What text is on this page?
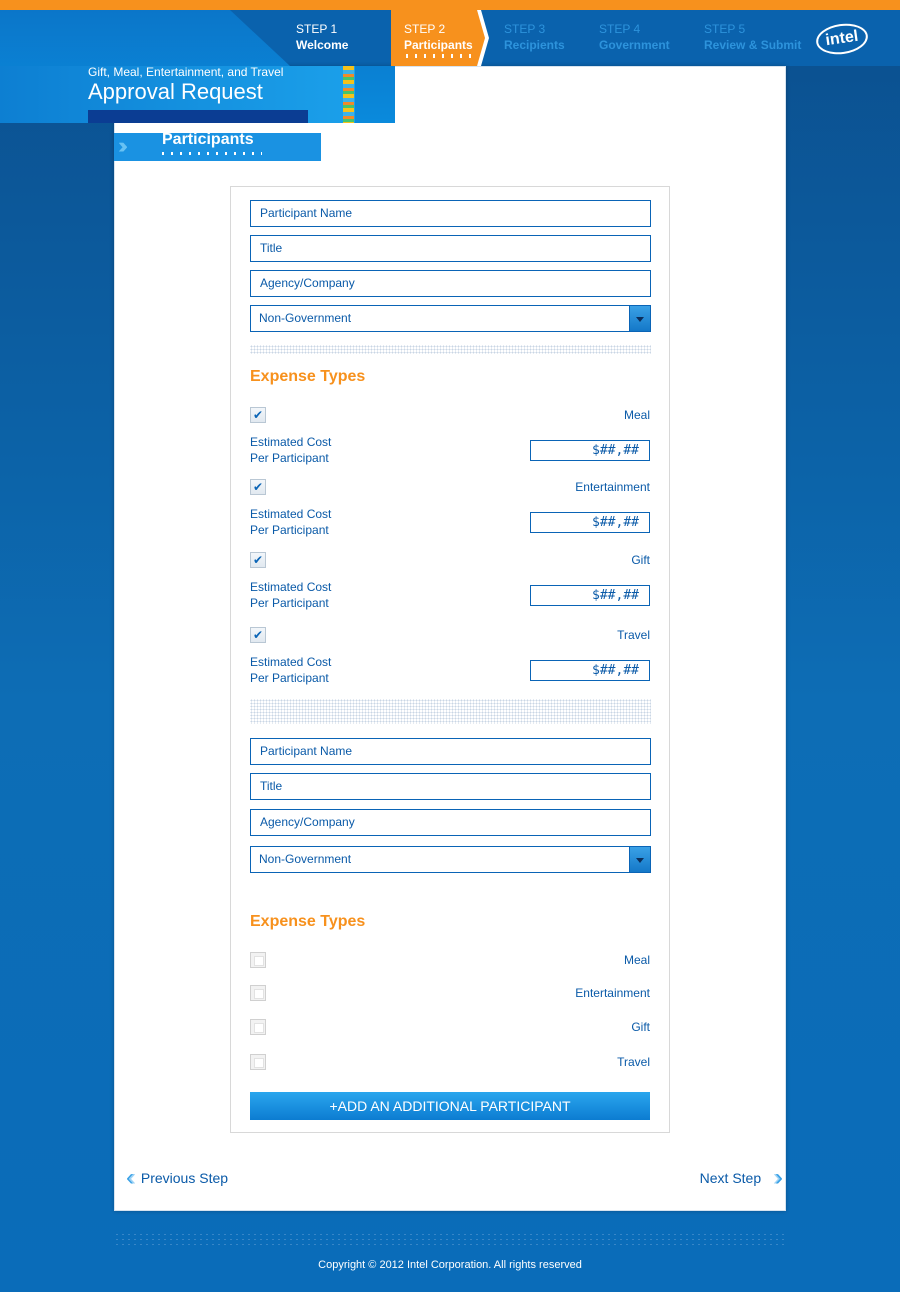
Gift, Meal, Entertainment, and Travel
Approval Request
STEP 1
Welcome
STEP 2
Participants
STEP 3
Recipients
STEP 4
Government
STEP 5
Review & Submit	intel
›››	Participants
Participant Name
Title
Agency/Company
Non-Government
Expense Types
✔	Meal
Estimated Cost
Per Participant	$##,##
✔	Entertainment
Estimated Cost
Per Participant	$##,##
✔	Gift
Estimated Cost
Per Participant	$##,##
✔	Travel
Estimated Cost
Per Participant	$##,##
Participant Name
Title
Agency/Company
Non-Government
Expense Types
Meal
Entertainment
Gift
Travel
+ADD AN ADDITIONAL PARTICIPANT
‹‹‹ Previous Step	Next Step ›››
Copyright © 2012 Intel Corporation. All rights reserved
